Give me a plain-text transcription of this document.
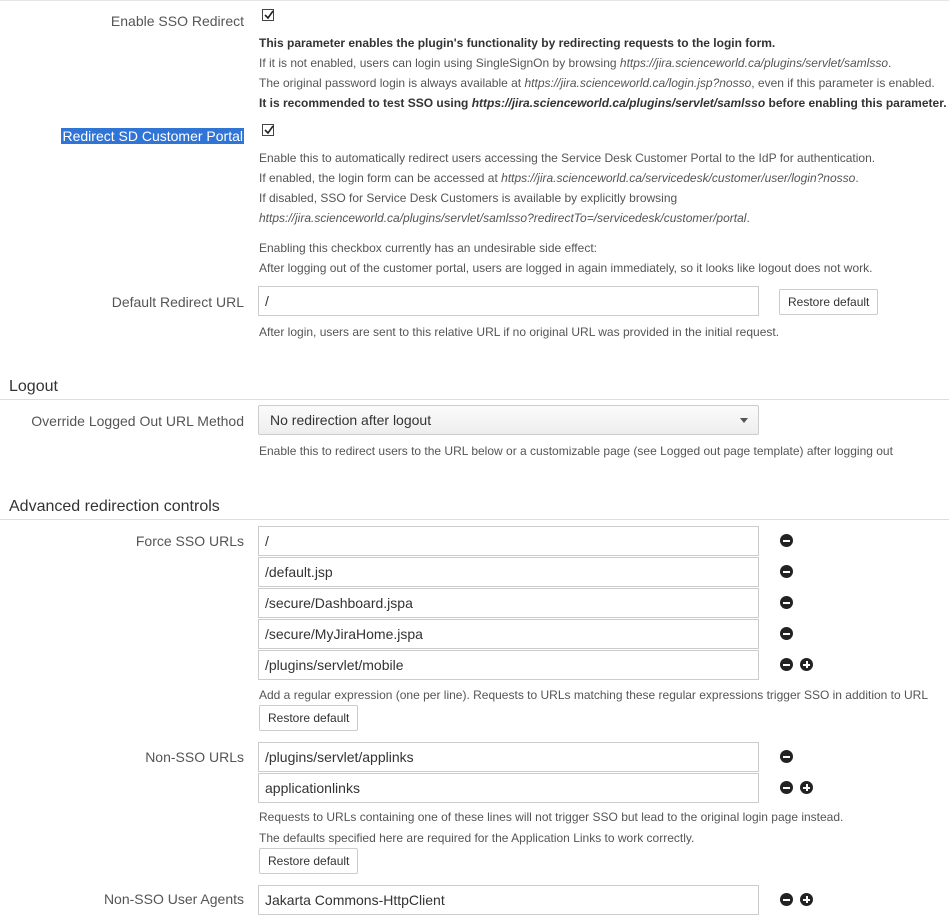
Enable SSO Redirect
This parameter enables the plugin's functionality by redirecting requests to the login form.
If it is not enabled, users can login using SingleSignOn by browsing https://jira.scienceworld.ca/plugins/servlet/samlsso.
The original password login is always available at https://jira.scienceworld.ca/login.jsp?nosso, even if this parameter is enabled.
It is recommended to test SSO using https://jira.scienceworld.ca/plugins/servlet/samlsso before enabling this parameter.
Redirect SD Customer Portal
Enable this to automatically redirect users accessing the Service Desk Customer Portal to the IdP for authentication.
If enabled, the login form can be accessed at https://jira.scienceworld.ca/servicedesk/customer/user/login?nosso.
If disabled, SSO for Service Desk Customers is available by explicitly browsing
https://jira.scienceworld.ca/plugins/servlet/samlsso?redirectTo=/servicedesk/customer/portal.
Enabling this checkbox currently has an undesirable side effect:
After logging out of the customer portal, users are logged in again immediately, so it looks like logout does not work.
Default Redirect URL	/	Restore default
After login, users are sent to this relative URL if no original URL was provided in the initial request.
Logout
Override Logged Out URL Method	No redirection after logout
Enable this to redirect users to the URL below or a customizable page (see Logged out page template) after logging out
Advanced redirection controls
Force SSO URLs	/
/default.jsp
/secure/Dashboard.jspa
/secure/MyJiraHome.jspa
/plugins/servlet/mobile
Add a regular expression (one per line). Requests to URLs matching these regular expressions trigger SSO in addition to URL
Restore default
Non-SSO URLs	/plugins/servlet/applinks
applicationlinks
Requests to URLs containing one of these lines will not trigger SSO but lead to the original login page instead.
The defaults specified here are required for the Application Links to work correctly.
Restore default
Non-SSO User Agents	Jakarta Commons-HttpClient
